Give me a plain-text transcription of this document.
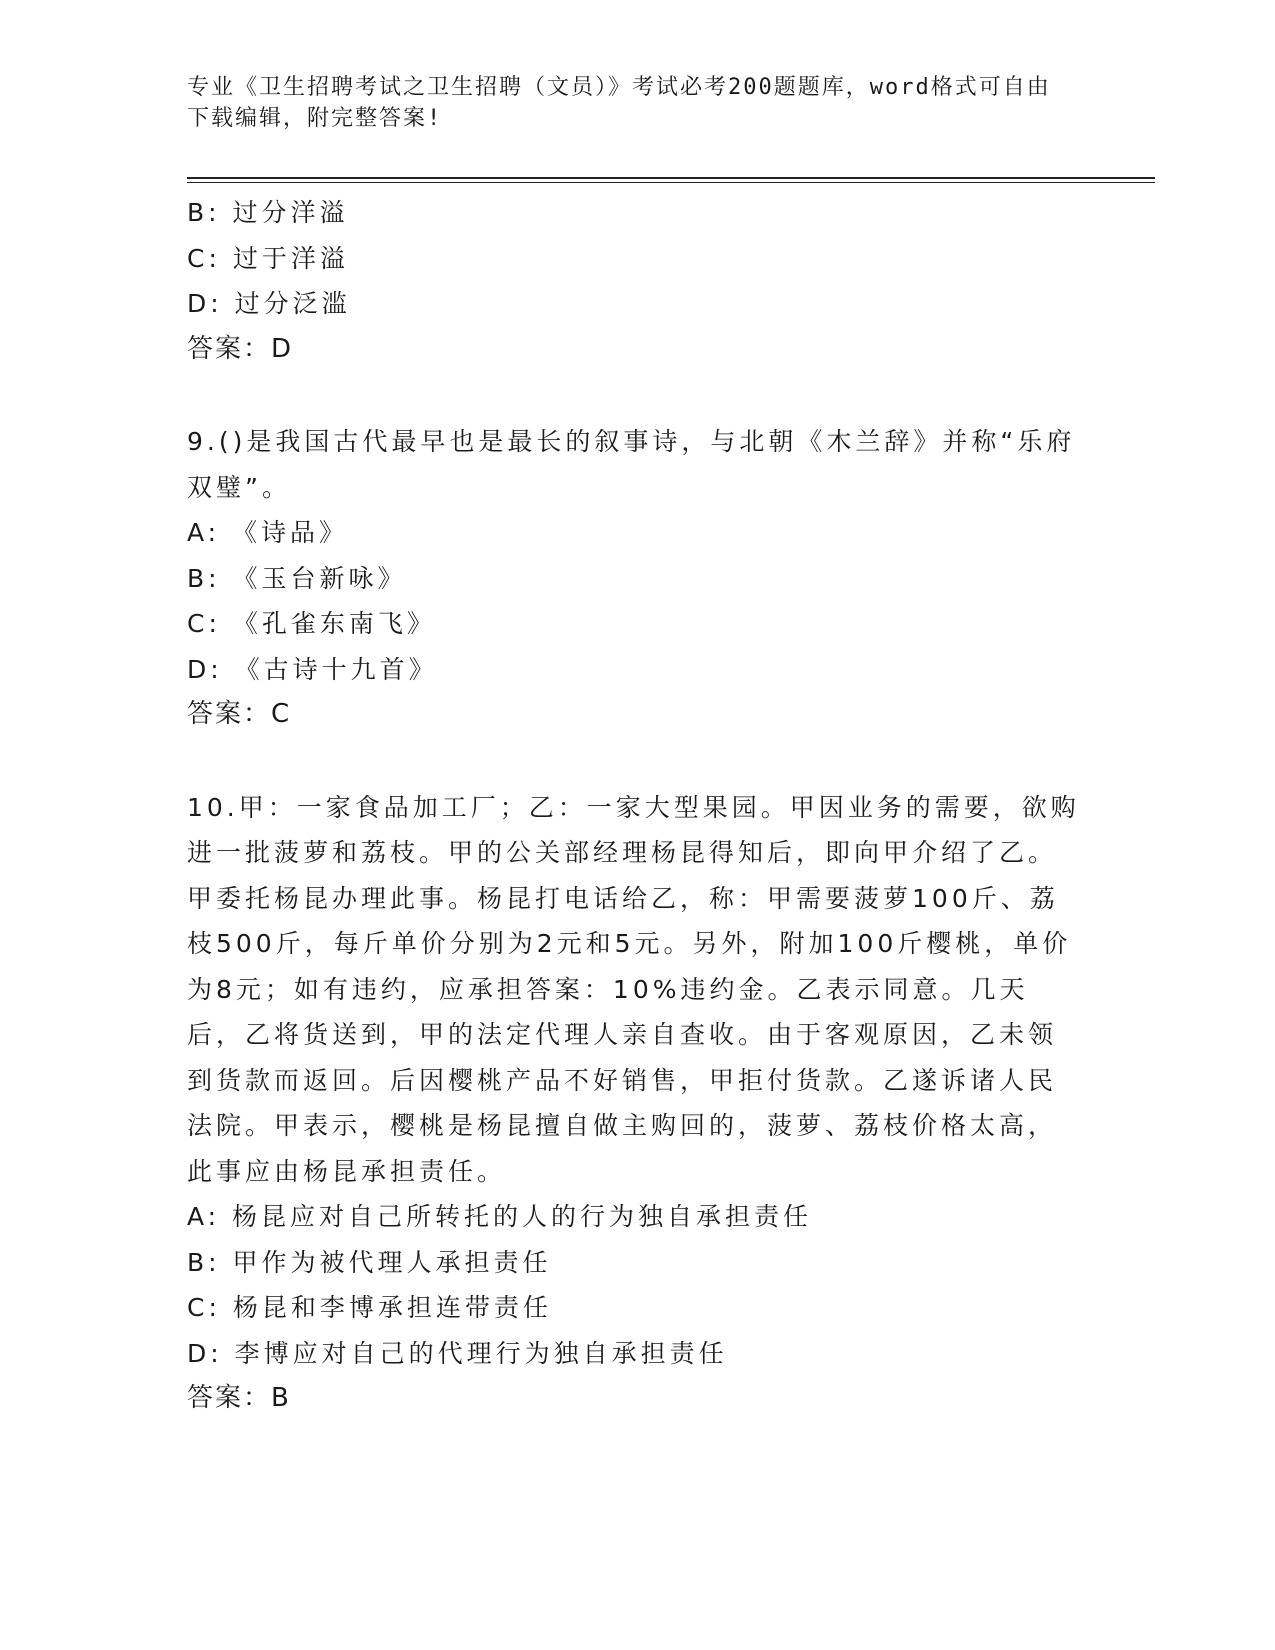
专业《卫生招聘考试之卫生招聘（文员）》考试必考200题题库，word格式可自由下载编辑，附完整答案!
B: 过分洋溢
C: 过于洋溢
D: 过分泛滥
答案：D
9.()是我国古代最早也是最长的叙事诗，与北朝《木兰辞》并称“乐府双璧”。
A: 《诗品》
B: 《玉台新咏》
C: 《孔雀东南飞》
D: 《古诗十九首》
答案：C
10.甲：一家食品加工厂；乙：一家大型果园。甲因业务的需要，欲购进一批菠萝和荔枝。甲的公关部经理杨昆得知后，即向甲介绍了乙。甲委托杨昆办理此事。杨昆打电话给乙，称：甲需要菠萝100斤、荔枝500斤，每斤单价分别为2元和5元。另外，附加100斤樱桃，单价为8元；如有违约，应承担答案：10%违约金。乙表示同意。几天后，乙将货送到，甲的法定代理人亲自查收。由于客观原因，乙未领到货款而返回。后因樱桃产品不好销售，甲拒付货款。乙遂诉诸人民法院。甲表示，樱桃是杨昆擅自做主购回的，菠萝、荔枝价格太高，此事应由杨昆承担责任。
A: 杨昆应对自己所转托的人的行为独自承担责任
B: 甲作为被代理人承担责任
C: 杨昆和李博承担连带责任
D: 李博应对自己的代理行为独自承担责任
答案：B
